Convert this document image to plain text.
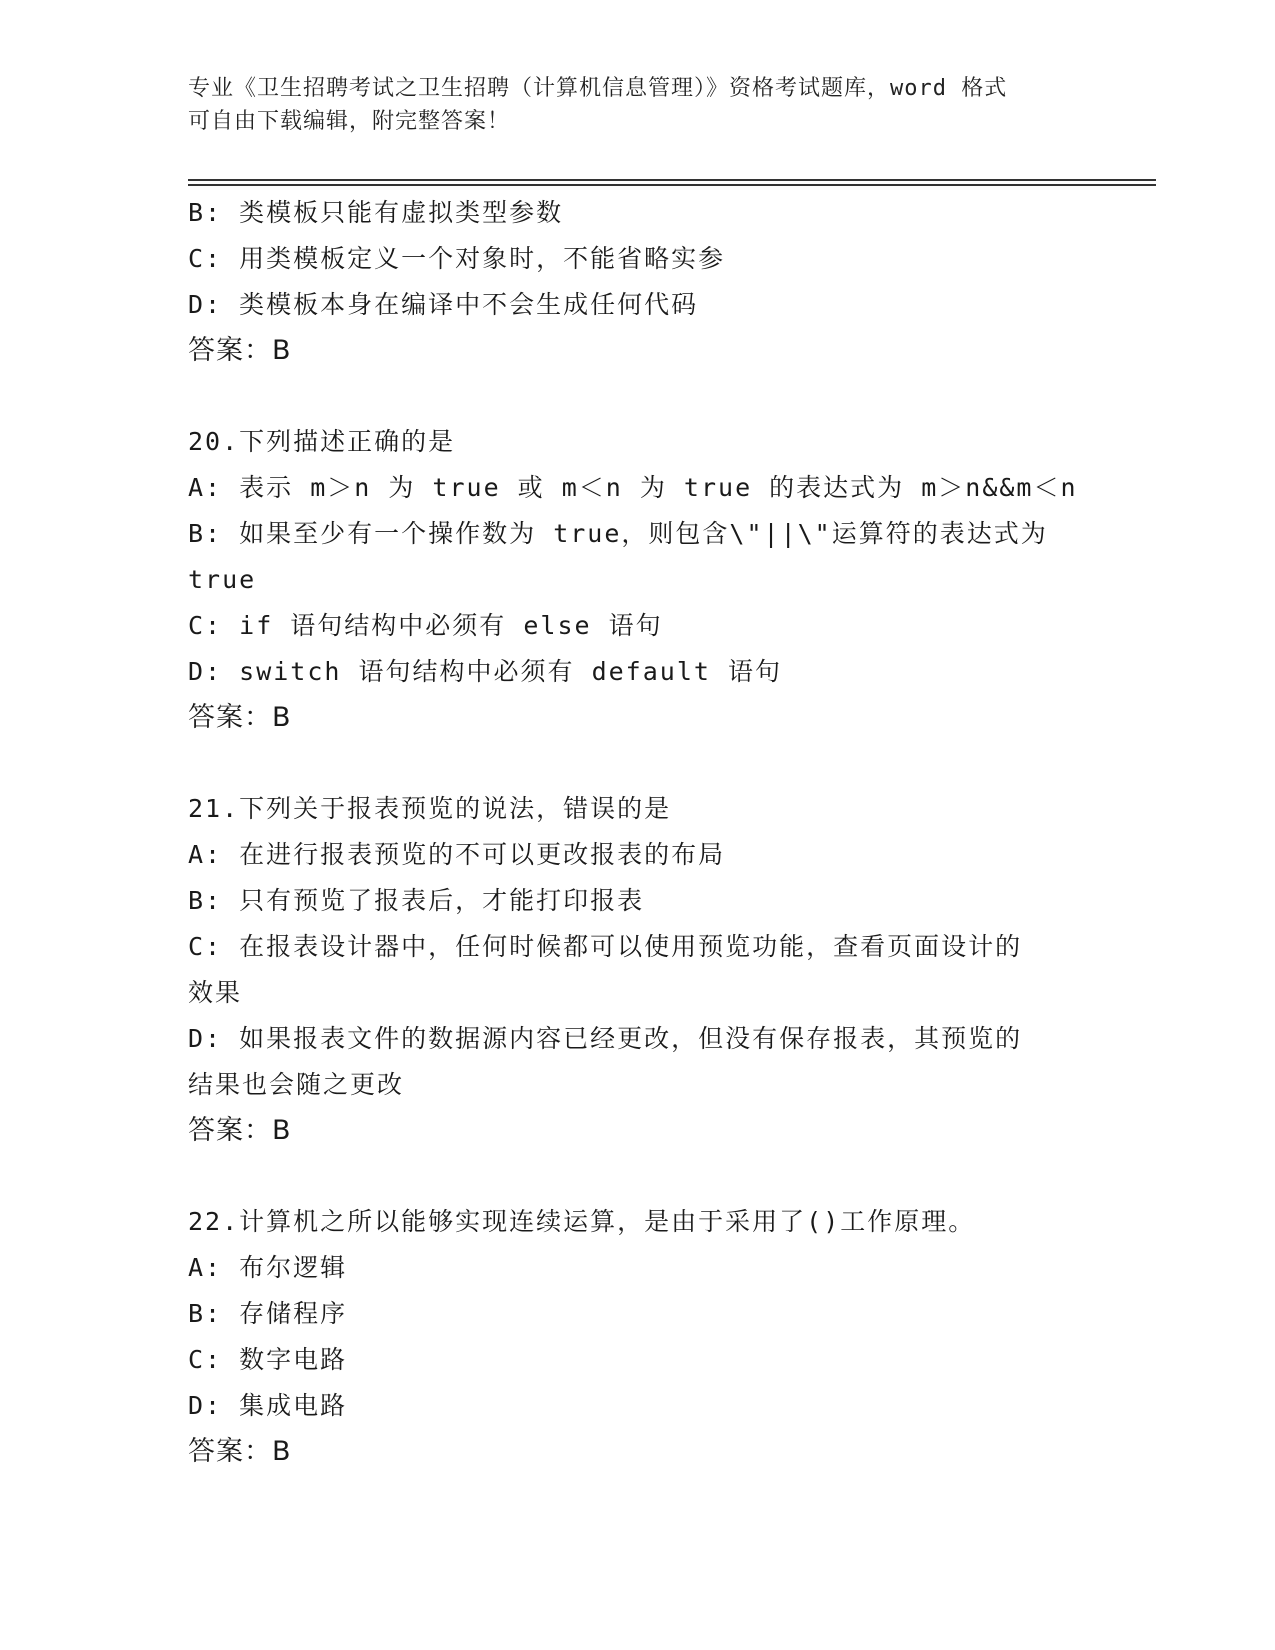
专业《卫生招聘考试之卫生招聘（计算机信息管理）》资格考试题库，word 格式
可自由下载编辑，附完整答案！
B: 类模板只能有虚拟类型参数
C: 用类模板定义一个对象时，不能省略实参
D: 类模板本身在编译中不会生成任何代码
答案：B
20.下列描述正确的是
A: 表示 m＞n 为 true 或 m＜n 为 true 的表达式为 m＞n&&m＜n
B: 如果至少有一个操作数为 true，则包含\"||\"运算符的表达式为
true
C: if 语句结构中必须有 else 语句
D: switch 语句结构中必须有 default 语句
答案：B
21.下列关于报表预览的说法，错误的是
A: 在进行报表预览的不可以更改报表的布局
B: 只有预览了报表后，才能打印报表
C: 在报表设计器中，任何时候都可以使用预览功能，查看页面设计的
效果
D: 如果报表文件的数据源内容已经更改，但没有保存报表，其预览的
结果也会随之更改
答案：B
22.计算机之所以能够实现连续运算，是由于采用了()工作原理。
A: 布尔逻辑
B: 存储程序
C: 数字电路
D: 集成电路
答案：B
